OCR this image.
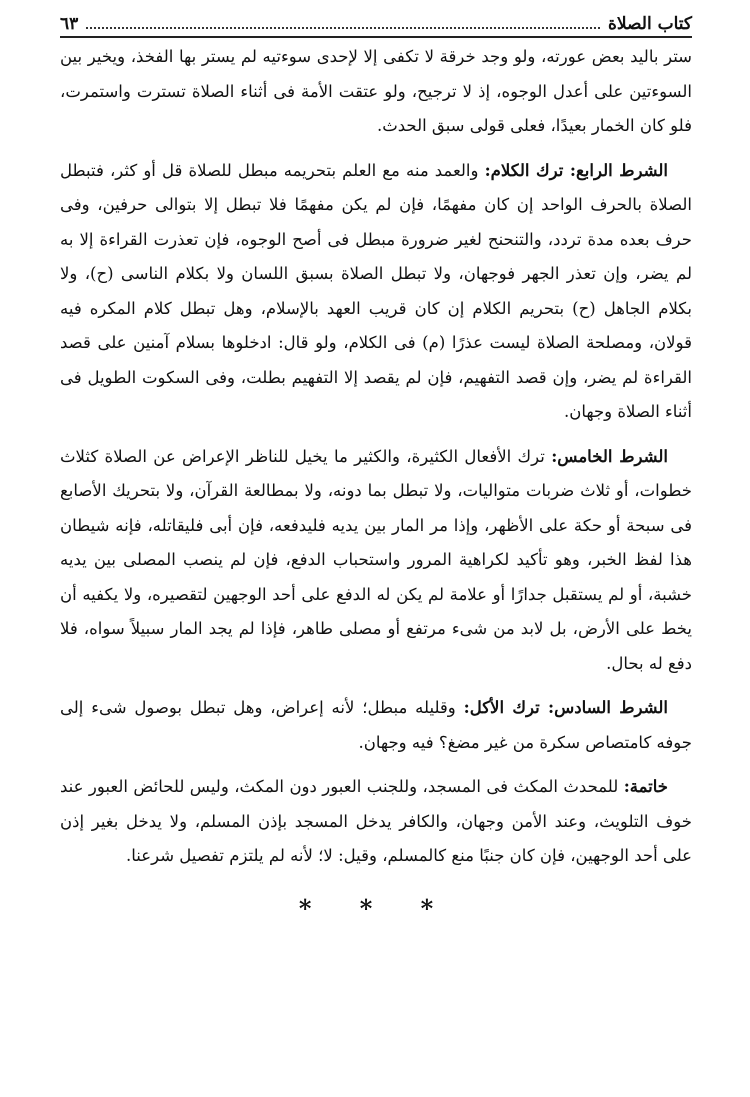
كتاب الصلاة
٦٣

ستر باليد بعض عورته، ولو وجد خرقة لا تكفى إلا لإحدى سوءتيه لم يستر بها الفخذ، ويخير بين السوءتين على أعدل الوجوه، إذ لا ترجيح، ولو عتقت الأمة فى أثناء الصلاة تسترت واستمرت، فلو كان الخمار بعيدًا، فعلى قولى سبق الحدث.

الشرط الرابع: ترك الكلام: والعمد منه مع العلم بتحريمه مبطل للصلاة قل أو كثر، فتبطل الصلاة بالحرف الواحد إن كان مفهمًا، فإن لم يكن مفهمًا فلا تبطل إلا بتوالى حرفين، وفى حرف بعده مدة تردد، والتنحنح لغير ضرورة مبطل فى أصح الوجوه، فإن تعذرت القراءة إلا به لم يضر، وإن تعذر الجهر فوجهان، ولا تبطل الصلاة بسبق اللسان ولا بكلام الناسى (ح)، ولا بكلام الجاهل (ح) بتحريم الكلام إن كان قريب العهد بالإسلام، وهل تبطل كلام المكره فيه قولان، ومصلحة الصلاة ليست عذرًا (م) فى الكلام، ولو قال: ادخلوها بسلام آمنين على قصد القراءة لم يضر، وإن قصد التفهيم، فإن لم يقصد إلا التفهيم بطلت، وفى السكوت الطويل فى أثناء الصلاة وجهان.

الشرط الخامس: ترك الأفعال الكثيرة، والكثير ما يخيل للناظر الإعراض عن الصلاة كثلاث خطوات، أو ثلاث ضربات متواليات، ولا تبطل بما دونه، ولا بمطالعة القرآن، ولا بتحريك الأصابع فى سبحة أو حكة على الأظهر، وإذا مر المار بين يديه فليدفعه، فإن أبى فليقاتله، فإنه شيطان هذا لفظ الخبر، وهو تأكيد لكراهية المرور واستحباب الدفع، فإن لم ينصب المصلى بين يديه خشبة، أو لم يستقبل جدارًا أو علامة لم يكن له الدفع على أحد الوجهين لتقصيره، ولا يكفيه أن يخط على الأرض، بل لابد من شىء مرتفع أو مصلى طاهر، فإذا لم يجد المار سبيلاً سواه، فلا دفع له بحال.

الشرط السادس: ترك الأكل: وقليله مبطل؛ لأنه إعراض، وهل تبطل بوصول شىء إلى جوفه كامتصاص سكرة من غير مضغ؟ فيه وجهان.

خاتمة: للمحدث المكث فى المسجد، وللجنب العبور دون المكث، وليس للحائض العبور عند خوف التلويث، وعند الأمن وجهان، والكافر يدخل المسجد بإذن المسلم، ولا يدخل بغير إذن على أحد الوجهين، فإن كان جنبًا منع كالمسلم، وقيل: لا؛ لأنه لم يلتزم تفصيل شرعنا.

* * *
